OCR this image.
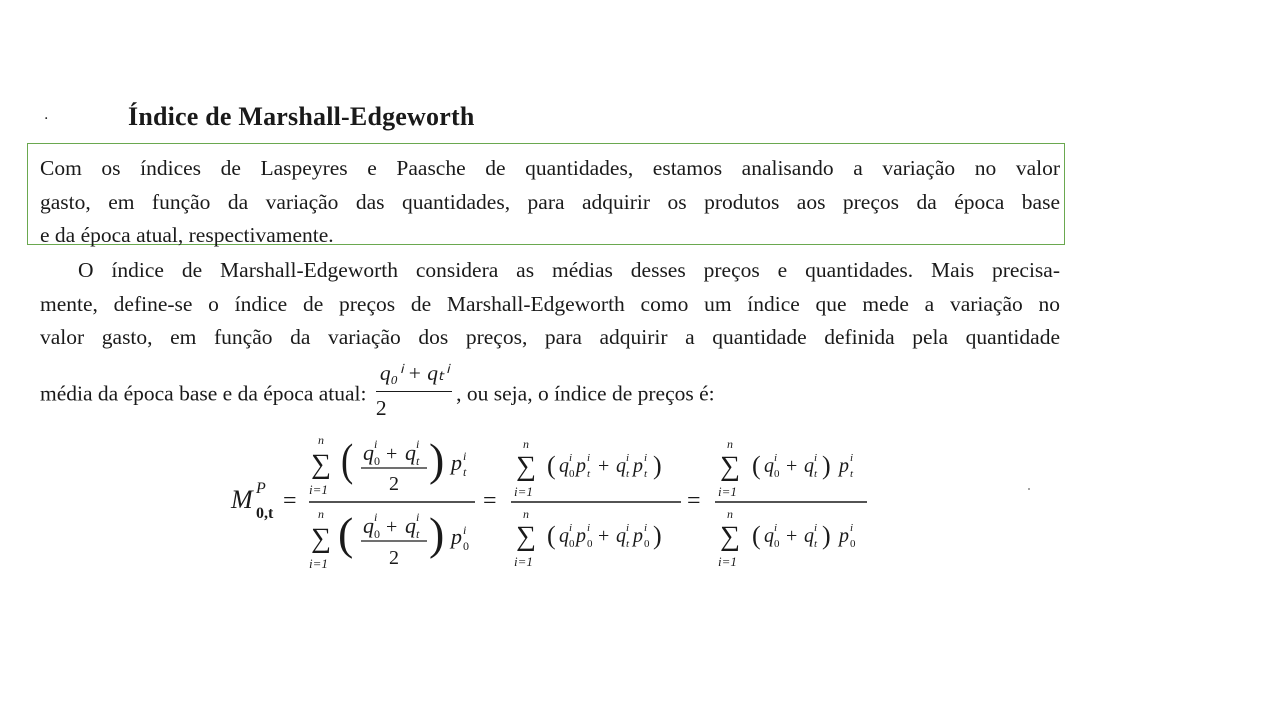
·	Índice de Marshall-Edgeworth

Com os índices de Laspeyres e Paasche de quantidades, estamos analisando a variação no valor
gasto, em função da variação das quantidades, para adquirir os produtos aos preços da época base
e da época atual, respectivamente.

O índice de Marshall-Edgeworth considera as médias desses preços e quantidades. Mais precisa-
mente, define-se o índice de preços de Marshall-Edgeworth como um índice que mede a variação no
valor gasto, em função da variação dos preços, para adquirir a quantidade definida pela quantidade
média da época base e da época atual: $\frac{\text{q₀ⁱ + qₜⁱ}}{2}$ , ou seja, o índice de preços é:

M P
0,t =
n
∑
i=1
( q i
0 + q i
t
2 ) p i
t
n
∑
i=1
( q i
0 + q i
t
2 ) p i
0
=
n
∑
i=1
( q i
0 p i
t + q i
t p i
t )
n
∑
i=1
( q i
0 p i
0 + q i
t p i
0 )
=
n
∑
i=1
( q i
0 + q i
t ) p i
t
n
∑
i=1
( q i
0 + q i
t ) p i
0
